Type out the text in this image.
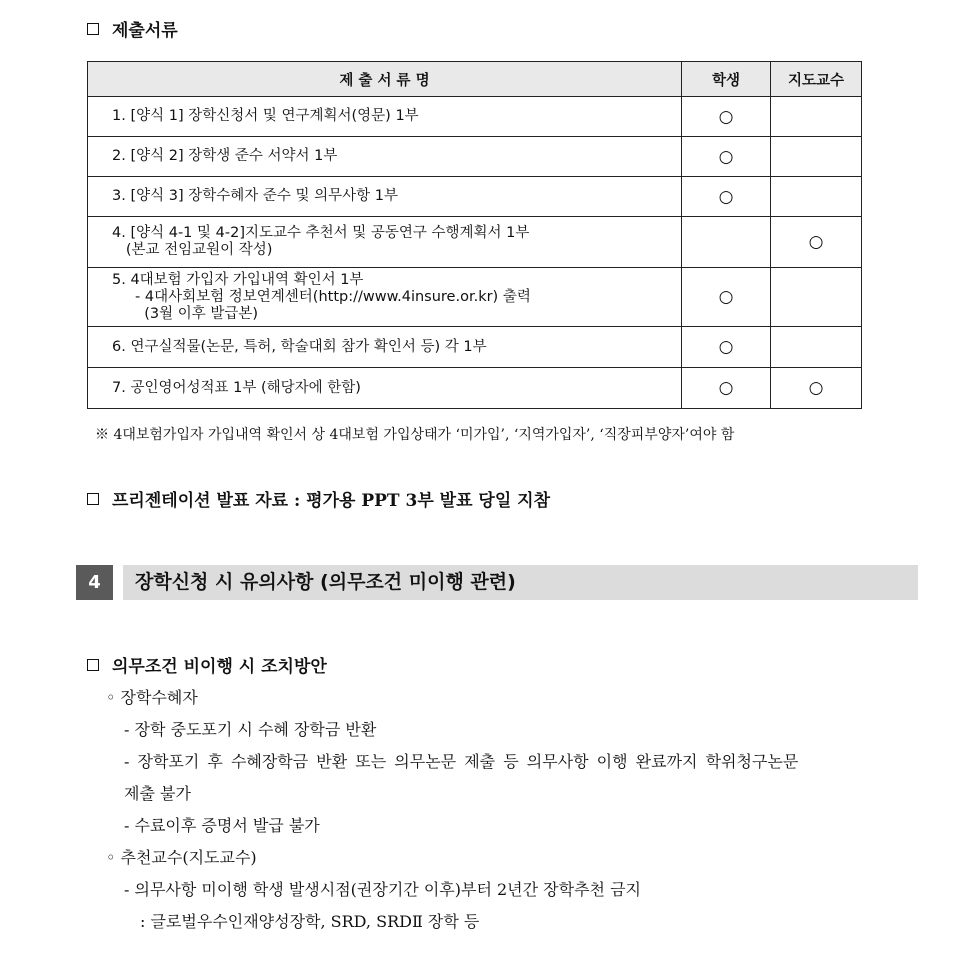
제출서류
제 출 서 류 명	학생	지도교수

1. [양식 1] 장학신청서 및 연구계획서(영문) 1부	○	

2. [양식 2] 장학생 준수 서약서 1부	○	

3. [양식 3] 장학수혜자 준수 및 의무사항 1부	○	

4. [양식 4-1 및 4-2]지도교수 추천서 및 공동연구 수행계획서 1부
(본교 전임교원이 작성)		○

5. 4대보험 가입자 가입내역 확인서 1부
- 4대사회보험 정보연계센터(http://www.4insure.or.kr) 출력
(3월 이후 발급본)	○	

6. 연구실적물(논문, 특허, 학술대회 참가 확인서 등) 각 1부	○	

7. 공인영어성적표 1부 (해당자에 한함)	○	○
※ 4대보험가입자 가입내역 확인서 상 4대보험 가입상태가 ‘미가입’, ‘지역가입자’, ‘직장피부양자’여야 함
프리젠테이션 발표 자료 : 평가용 PPT 3부 발표 당일 지참
4	장학신청 시 유의사항 (의무조건 미이행 관련)
의무조건 비이행 시 조치방안
◦ 장학수혜자
- 장학 중도포기 시 수혜 장학금 반환
- 장학포기 후 수혜장학금 반환 또는 의무논문 제출 등 의무사항 이행 완료까지 학위청구논문
제출 불가
- 수료이후 증명서 발급 불가
◦ 추천교수(지도교수)
- 의무사항 미이행 학생 발생시점(권장기간 이후)부터 2년간 장학추천 금지
: 글로벌우수인재양성장학, SRD, SRDⅡ 장학 등
